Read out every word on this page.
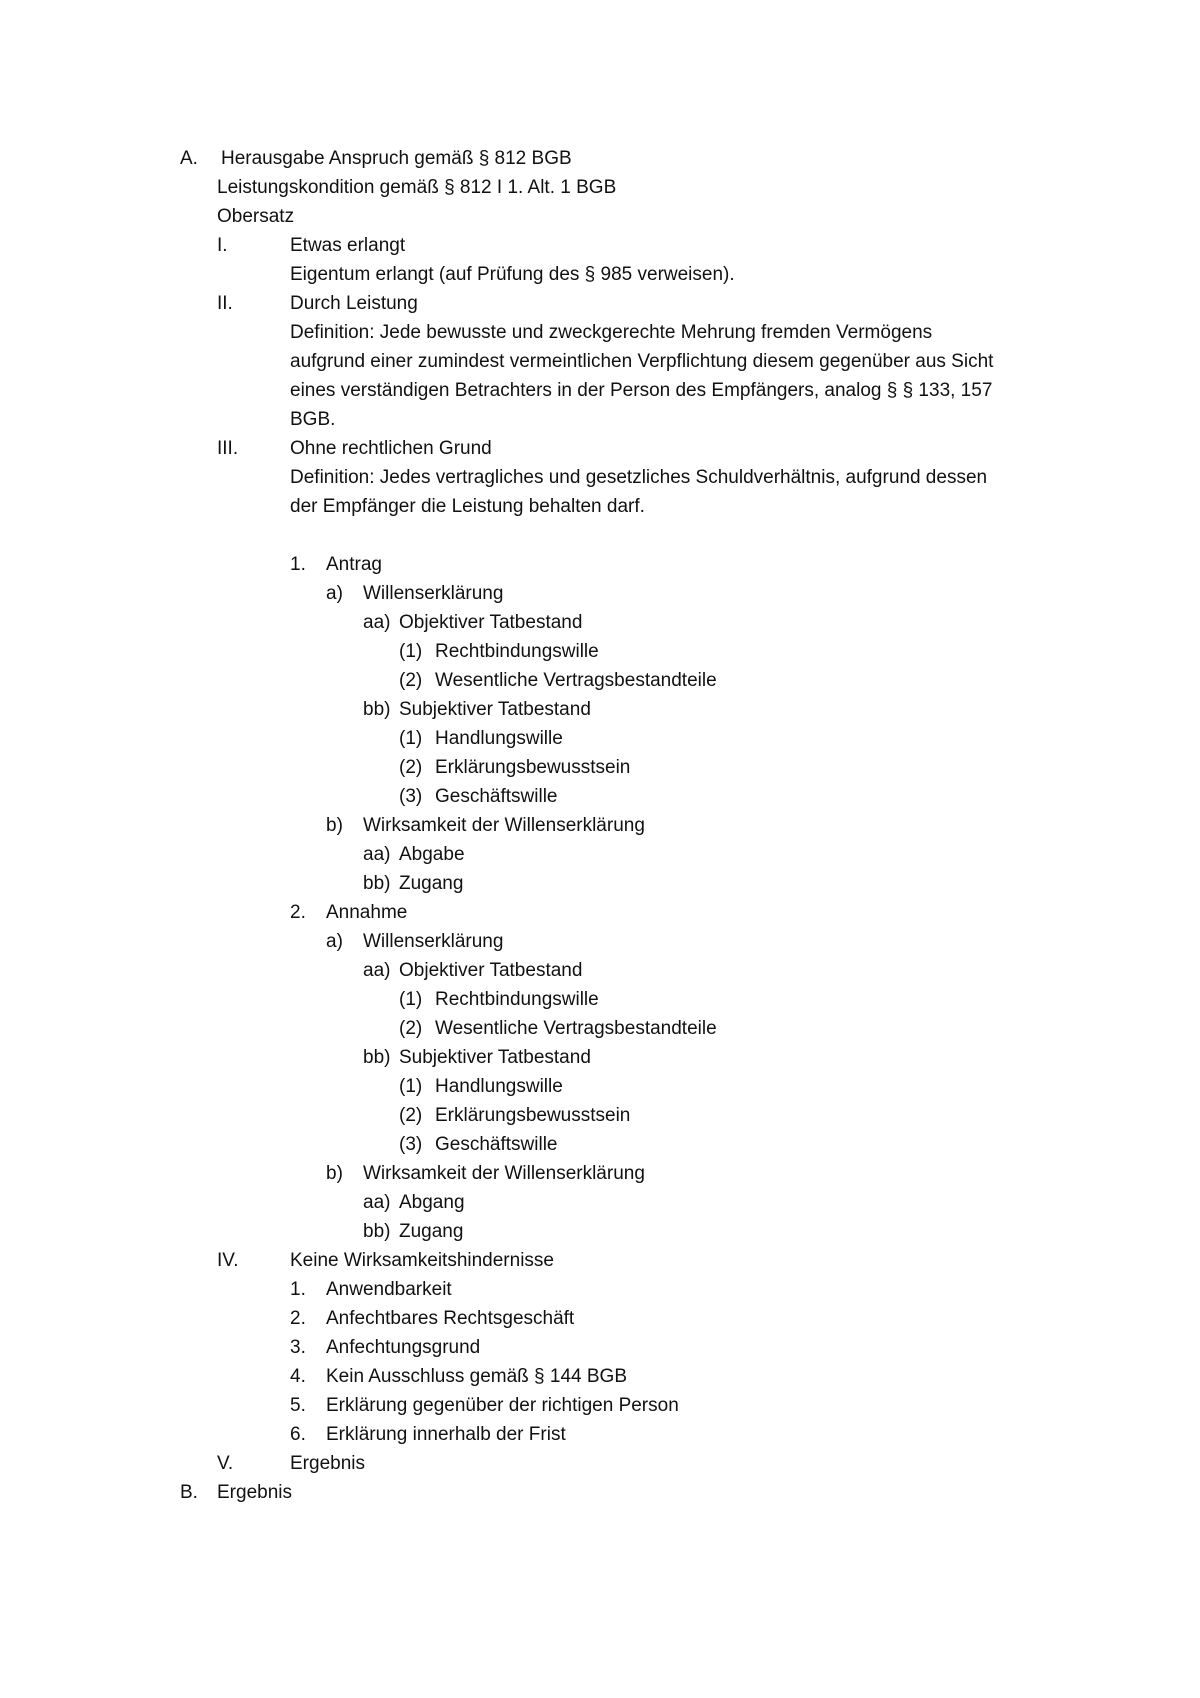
A. Herausgabe Anspruch gemäß § 812 BGB
Leistungskondition gemäß § 812 I 1. Alt. 1 BGB
Obersatz
I.	Etwas erlangt
Eigentum erlangt (auf Prüfung des § 985 verweisen).
II.	Durch Leistung
Definition: Jede bewusste und zweckgerechte Mehrung fremden Vermögens
aufgrund einer zumindest vermeintlichen Verpflichtung diesem gegenüber aus Sicht
eines verständigen Betrachters in der Person des Empfängers, analog § § 133, 157
BGB.
III.	Ohne rechtlichen Grund
Definition: Jedes vertragliches und gesetzliches Schuldverhältnis, aufgrund dessen
der Empfänger die Leistung behalten darf.
1. Antrag
a) Willenserklärung
aa) Objektiver Tatbestand
(1) Rechtbindungswille
(2) Wesentliche Vertragsbestandteile
bb) Subjektiver Tatbestand
(1) Handlungswille
(2) Erklärungsbewusstsein
(3) Geschäftswille
b) Wirksamkeit der Willenserklärung
aa) Abgabe
bb) Zugang
2. Annahme
a) Willenserklärung
aa) Objektiver Tatbestand
(1) Rechtbindungswille
(2) Wesentliche Vertragsbestandteile
bb) Subjektiver Tatbestand
(1) Handlungswille
(2) Erklärungsbewusstsein
(3) Geschäftswille
b) Wirksamkeit der Willenserklärung
aa) Abgang
bb) Zugang
IV.	Keine Wirksamkeitshindernisse
1. Anwendbarkeit
2. Anfechtbares Rechtsgeschäft
3. Anfechtungsgrund
4. Kein Ausschluss gemäß § 144 BGB
5. Erklärung gegenüber der richtigen Person
6. Erklärung innerhalb der Frist
V.	Ergebnis
B. Ergebnis
